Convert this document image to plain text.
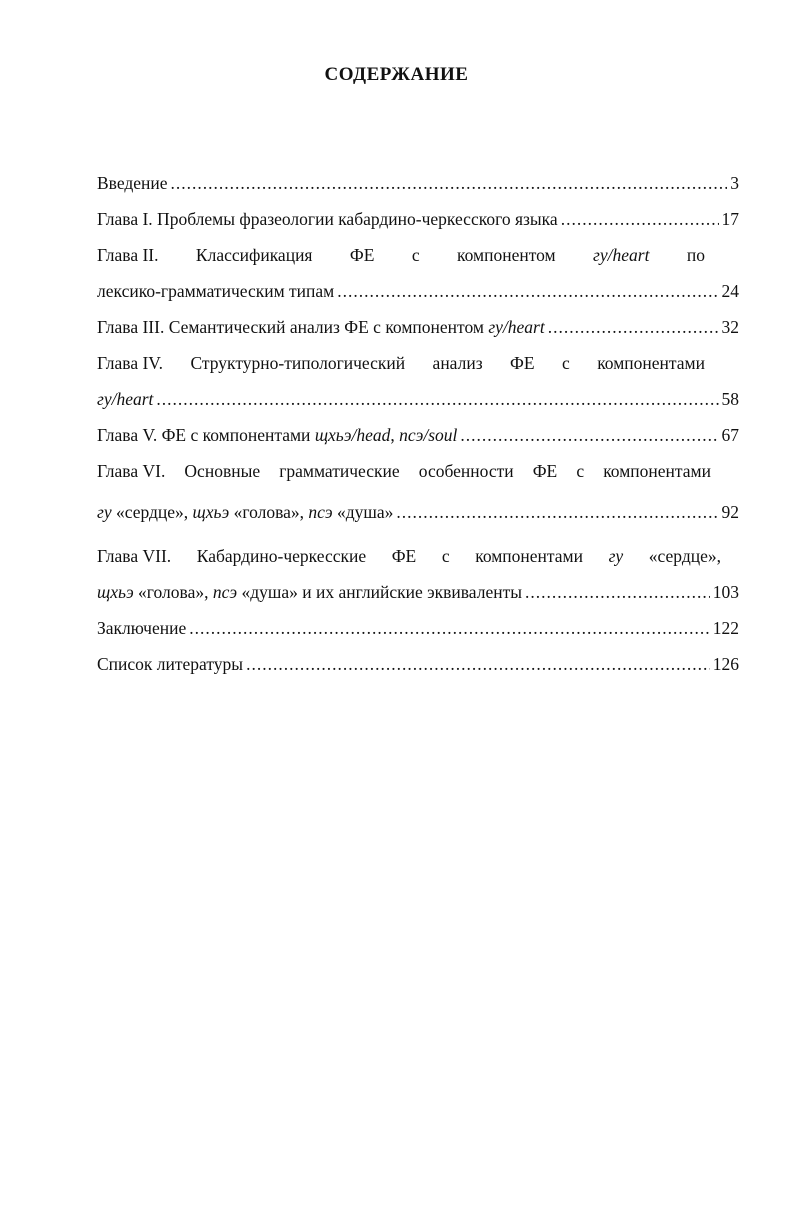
СОДЕРЖАНИЕ
Введение .....	3
Глава I. Проблемы фразеологии кабардино-черкесского языка .....	17
Глава II. Классификация ФЕ с компонентом гу/heart по
лексико-грамматическим типам .....	24
Глава III. Семантический анализ ФЕ с компонентом гу/heart .....	32
Глава IV. Структурно-типологический анализ ФЕ с компонентами
гу/heart .....	58
Глава V. ФЕ с компонентами щхьэ/head, псэ/soul .....	67
Глава VI. Основные грамматические особенности ФЕ с компонентами
гу «сердце», щхьэ «голова», псэ «душа» .....	92
Глава VII. Кабардино-черкесские ФЕ с компонентами гу «сердце»,
щхьэ «голова», псэ «душа» и их английские эквиваленты .....	103
Заключение .....	122
Список литературы .....	126
